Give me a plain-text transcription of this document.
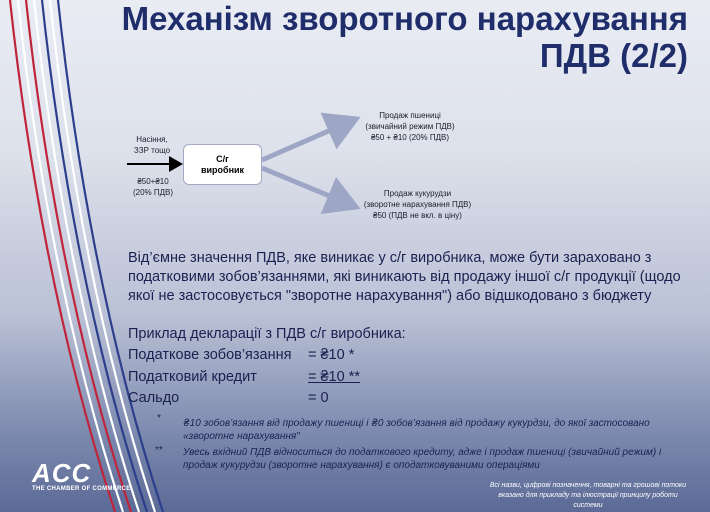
Механізм зворотного нарахування ПДВ (2/2)
Насіння,
ЗЗР тощо
₴50+₴10
(20% ПДВ)
С/г
виробник
Продаж пшениці
(звичайний режим ПДВ)
₴50 + ₴10 (20% ПДВ)
Продаж кукурудзи
(зворотне нарахування ПДВ)
₴50 (ПДВ не вкл. в ціну)
Від’ємне значення ПДВ, яке виникає у с/г виробника, може бути зараховано з податковими зобов’язаннями, які виникають від продажу іншої с/г продукції (щодо якої не застосовується "зворотне нарахування") або відшкодовано з бюджету
Приклад декларації з ПДВ с/г виробника:
Податкове зобов’язання = ₴10 *
Податковий кредит	= ₴10 **
Сальдо	= 0
* ₴10 зобов’язання від продажу пшениці і ₴0 зобов’язання від продажу кукурдзи, до якої застосовано «зворотне нарахування"
** Увесь вхідний ПДВ відноситься до податкового кредиту, адже і продаж пшениці (звичайний режим) і продаж кукурудзи (зворотне нарахування) є оподатковуваними операціями
ACC
THE CHAMBER OF COMMERCE	Всі назви, цифрові позначення, товарні та грошові потоки вказано для прикладу та ілюстрації принципу роботи системи
